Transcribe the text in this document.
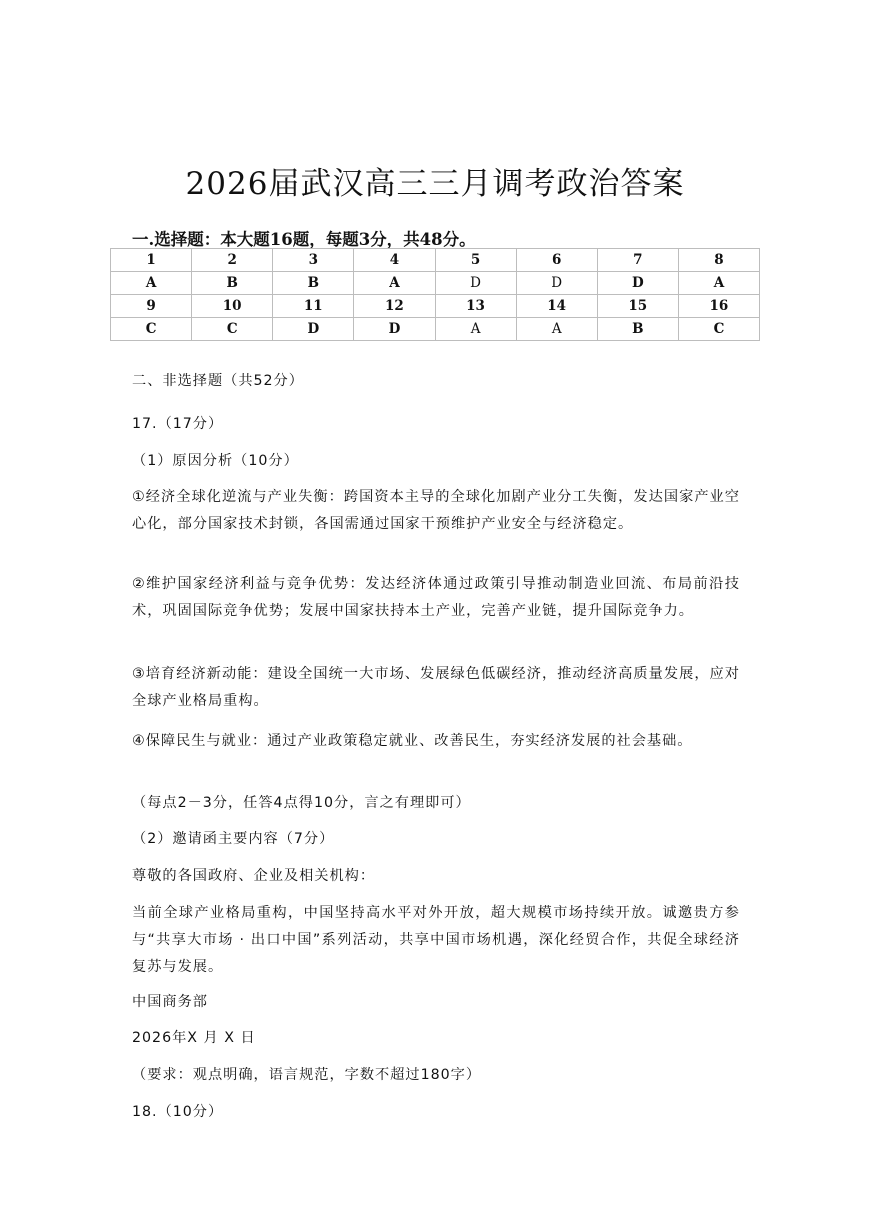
2026届武汉高三三月调考政治答案
一.选择题：本大题16题，每题3分，共48分。
1	2	3	4	5	6	7	8
A	B	B	A	D	D	D	A
9	10	11	12	13	14	15	16
C	C	D	D	A	A	B	C
二、非选择题（共52分）
17.（17分）
（1）原因分析（10分）
①经济全球化逆流与产业失衡：跨国资本主导的全球化加剧产业分工失衡，发达国家产业空心化，部分国家技术封锁，各国需通过国家干预维护产业安全与经济稳定。
②维护国家经济利益与竞争优势：发达经济体通过政策引导推动制造业回流、布局前沿技术，巩固国际竞争优势；发展中国家扶持本土产业，完善产业链，提升国际竞争力。
③培育经济新动能：建设全国统一大市场、发展绿色低碳经济，推动经济高质量发展，应对全球产业格局重构。
④保障民生与就业：通过产业政策稳定就业、改善民生，夯实经济发展的社会基础。
（每点2－3分，任答4点得10分，言之有理即可）
（2）邀请函主要内容（7分）
尊敬的各国政府、企业及相关机构：
当前全球产业格局重构，中国坚持高水平对外开放，超大规模市场持续开放。诚邀贵方参与“共享大市场 · 出口中国”系列活动，共享中国市场机遇，深化经贸合作，共促全球经济复苏与发展。
中国商务部
2026年X 月 X 日
（要求：观点明确，语言规范，字数不超过180字）
18.（10分）
